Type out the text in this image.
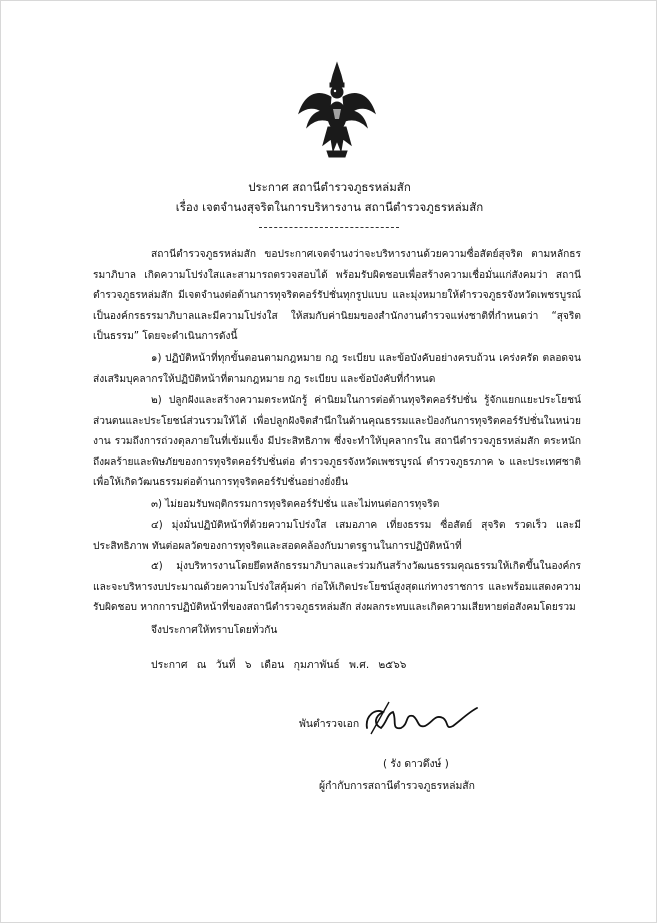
ประกาศ สถานีตำรวจภูธรหล่มสัก
เรื่อง เจตจำนงสุจริตในการบริหารงาน สถานีตำรวจภูธรหล่มสัก

สถานีตำรวจภูธรหล่มสัก ขอประกาศเจตจำนงว่าจะบริหารงานด้วยความซื่อสัตย์สุจริต ตามหลักธรรมาภิบาล เกิดความโปร่งใสและสามารถตรวจสอบได้ พร้อมรับผิดชอบเพื่อสร้างความเชื่อมั่นแก่สังคมว่า สถานีตำรวจภูธรหล่มสัก มีเจตจำนงต่อต้านการทุจริตคอร์รัปชั่นทุกรูปแบบ และมุ่งหมายให้ตำรวจภูธรจังหวัดเพชรบูรณ์ เป็นองค์กรธรรมาภิบาลและมีความโปร่งใส ให้สมกับค่านิยมของสำนักงานตำรวจแห่งชาติที่กำหนดว่า “สุจริต เป็นธรรม” โดยจะดำเนินการดังนี้

๑) ปฏิบัติหน้าที่ทุกขั้นตอนตามกฎหมาย กฎ ระเบียบ และข้อบังคับอย่างครบถ้วน เคร่งครัด ตลอดจนส่งเสริมบุคลากรให้ปฏิบัติหน้าที่ตามกฎหมาย กฎ ระเบียบ และข้อบังคับที่กำหนด

๒) ปลูกฝังและสร้างความตระหนักรู้ ค่านิยมในการต่อต้านทุจริตคอร์รัปชั่น รู้จักแยกแยะประโยชน์ส่วนตนและประโยชน์ส่วนรวมให้ได้ เพื่อปลูกฝังจิตสำนึกในด้านคุณธรรมและป้องกันการทุจริตคอร์รัปชั่นในหน่วยงาน รวมถึงการถ่วงดุลภายในที่เข้มแข็ง มีประสิทธิภาพ ซึ่งจะทำให้บุคลากรใน สถานีตำรวจภูธรหล่มสัก ตระหนักถึงผลร้ายและพิษภัยของการทุจริตคอร์รัปชั่นต่อ ตำรวจภูธรจังหวัดเพชรบูรณ์ ตำรวจภูธรภาค ๖ และประเทศชาติ เพื่อให้เกิดวัฒนธรรมต่อต้านการทุจริตคอร์รัปชั่นอย่างยั่งยืน

๓) ไม่ยอมรับพฤติกรรมการทุจริตคอร์รัปชั่น และไม่ทนต่อการทุจริต

๔) มุ่งมั่นปฏิบัติหน้าที่ด้วยความโปร่งใส เสมอภาค เที่ยงธรรม ซื่อสัตย์ สุจริต รวดเร็ว และมีประสิทธิภาพ ทันต่อผลวัดของการทุจริตและสอดคล้องกับมาตรฐานในการปฏิบัติหน้าที่

๕) มุ่งบริหารงานโดยยึดหลักธรรมาภิบาลและร่วมกันสร้างวัฒนธรรมคุณธรรมให้เกิดขึ้นในองค์กร และจะบริหารงบประมาณด้วยความโปร่งใสคุ้มค่า ก่อให้เกิดประโยชน์สูงสุดแก่ทางราชการ และพร้อมแสดงความรับผิดชอบ หากการปฏิบัติหน้าที่ของสถานีตำรวจภูธรหล่มสัก ส่งผลกระทบและเกิดความเสียหายต่อสังคมโดยรวม

จึงประกาศให้ทราบโดยทั่วกัน

ประกาศ ณ วันที่ ๖ เดือน กุมภาพันธ์ พ.ศ. ๒๕๖๖
พันตำรวจเอก
( รัง ดาวดึงษ์ )
ผู้กำกับการสถานีตำรวจภูธรหล่มสัก
